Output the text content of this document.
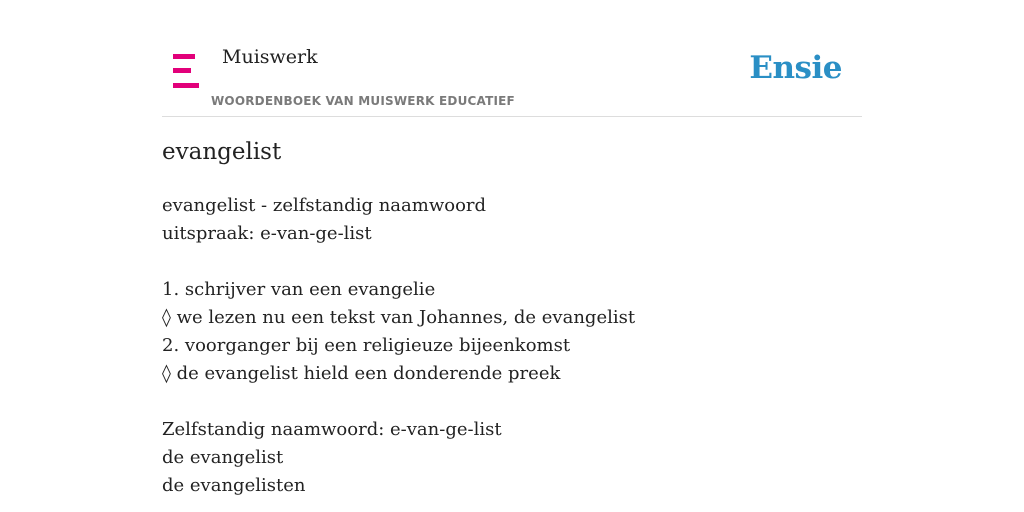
Muiswerk
WOORDENBOEK VAN MUISWERK EDUCATIEF
Ensie
evangelist
evangelist - zelfstandig naamwoord
uitspraak: e-van-ge-list
1. schrijver van een evangelie
◊ we lezen nu een tekst van Johannes, de evangelist
2. voorganger bij een religieuze bijeenkomst
◊ de evangelist hield een donderende preek
Zelfstandig naamwoord: e-van-ge-list
de evangelist
de evangelisten
